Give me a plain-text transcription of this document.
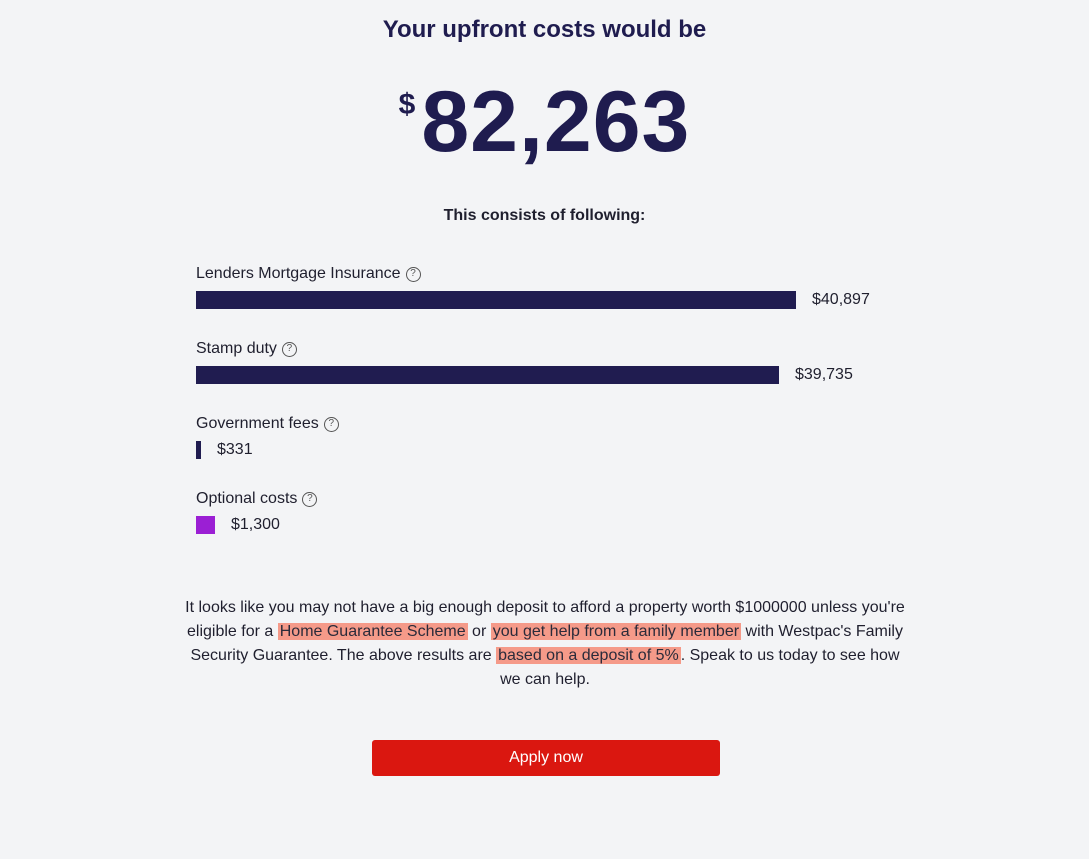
Your upfront costs would be
$82,263
This consists of following:
Lenders Mortgage Insurance ?
$40,897
Stamp duty ?
$39,735
Government fees ?
$331
Optional costs ?
$1,300
It looks like you may not have a big enough deposit to afford a property worth $1000000 unless you're eligible for a Home Guarantee Scheme or you get help from a family member with Westpac's Family Security Guarantee. The above results are based on a deposit of 5% . Speak to us today to see how we can help.
Apply now
